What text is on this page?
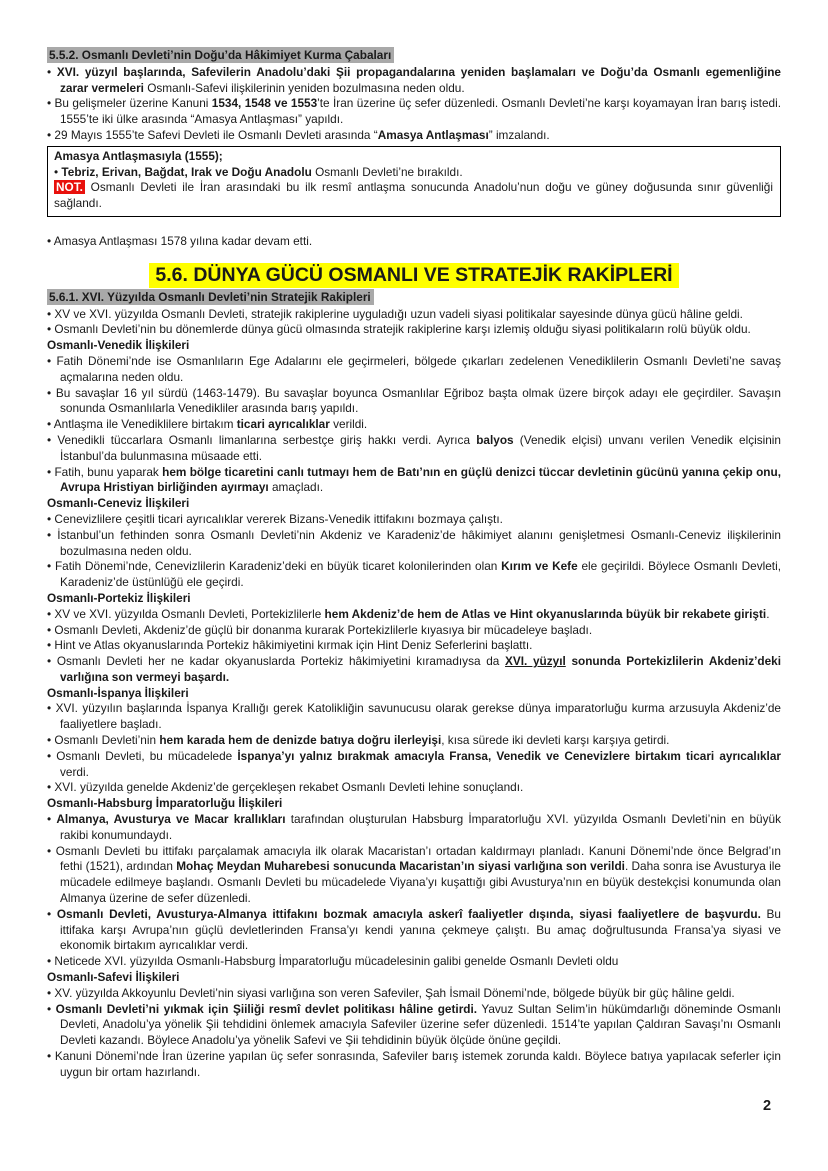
5.5.2. Osmanlı Devleti’nin Doğu’da Hâkimiyet Kurma Çabaları
• XVI. yüzyıl başlarında, Safevilerin Anadolu’daki Şii propagandalarına yeniden başlamaları ve Doğu’da Osmanlı egemenliğine zarar vermeleri Osmanlı-Safevi ilişkilerinin yeniden bozulmasına neden oldu.
• Bu gelişmeler üzerine Kanuni 1534, 1548 ve 1553’te İran üzerine üç sefer düzenledi. Osmanlı Devleti’ne karşı koyamayan İran barış istedi. 1555’te iki ülke arasında “Amasya Antlaşması” yapıldı.
• 29 Mayıs 1555’te Safevi Devleti ile Osmanlı Devleti arasında “Amasya Antlaşması” imzalandı.
Amasya Antlaşmasıyla (1555);
• Tebriz, Erivan, Bağdat, Irak ve Doğu Anadolu Osmanlı Devleti’ne bırakıldı.
NOT. Osmanlı Devleti ile İran arasındaki bu ilk resmî antlaşma sonucunda Anadolu’nun doğu ve güney doğusunda sınır güvenliği sağlandı.
• Amasya Antlaşması 1578 yılına kadar devam etti.
5.6. DÜNYA GÜCÜ OSMANLI VE STRATEJİK RAKİPLERİ
5.6.1. XVI. Yüzyılda Osmanlı Devleti’nin Stratejik Rakipleri
• XV ve XVI. yüzyılda Osmanlı Devleti, stratejik rakiplerine uyguladığı uzun vadeli siyasi politikalar sayesinde dünya gücü hâline geldi.
• Osmanlı Devleti’nin bu dönemlerde dünya gücü olmasında stratejik rakiplerine karşı izlemiş olduğu siyasi politikaların rolü büyük oldu.
Osmanlı-Venedik İlişkileri
• Fatih Dönemi’nde ise Osmanlıların Ege Adalarını ele geçirmeleri, bölgede çıkarları zedelenen Venediklilerin Osmanlı Devleti’ne savaş açmalarına neden oldu.
• Bu savaşlar 16 yıl sürdü (1463-1479). Bu savaşlar boyunca Osmanlılar Eğriboz başta olmak üzere birçok adayı ele geçirdiler. Savaşın sonunda Osmanlılarla Venedikliler arasında barış yapıldı.
• Antlaşma ile Venediklilere birtakım ticari ayrıcalıklar verildi.
• Venedikli tüccarlara Osmanlı limanlarına serbestçe giriş hakkı verdi. Ayrıca balyos (Venedik elçisi) unvanı verilen Venedik elçisinin İstanbul’da bulunmasına müsaade etti.
• Fatih, bunu yaparak hem bölge ticaretini canlı tutmayı hem de Batı’nın en güçlü denizci tüccar devletinin gücünü yanına çekip onu, Avrupa Hristiyan birliğinden ayırmayı amaçladı.
Osmanlı-Ceneviz İlişkileri
• Cenevizlilere çeşitli ticari ayrıcalıklar vererek Bizans-Venedik ittifakını bozmaya çalıştı.
• İstanbul’un fethinden sonra Osmanlı Devleti’nin Akdeniz ve Karadeniz’de hâkimiyet alanını genişletmesi Osmanlı-Ceneviz ilişkilerinin bozulmasına neden oldu.
• Fatih Dönemi’nde, Cenevizlilerin Karadeniz’deki en büyük ticaret kolonilerinden olan Kırım ve Kefe ele geçirildi. Böylece Osmanlı Devleti, Karadeniz’de üstünlüğü ele geçirdi.
Osmanlı-Portekiz İlişkileri
• XV ve XVI. yüzyılda Osmanlı Devleti, Portekizlilerle hem Akdeniz’de hem de Atlas ve Hint okyanuslarında büyük bir rekabete girişti.
• Osmanlı Devleti, Akdeniz’de güçlü bir donanma kurarak Portekizlilerle kıyasıya bir mücadeleye başladı.
• Hint ve Atlas okyanuslarında Portekiz hâkimiyetini kırmak için Hint Deniz Seferlerini başlattı.
• Osmanlı Devleti her ne kadar okyanuslarda Portekiz hâkimiyetini kıramadıysa da XVI. yüzyıl sonunda Portekizlilerin Akdeniz’deki varlığına son vermeyi başardı.
Osmanlı-İspanya İlişkileri
• XVI. yüzyılın başlarında İspanya Krallığı gerek Katolikliğin savunucusu olarak gerekse dünya imparatorluğu kurma arzusuyla Akdeniz’de faaliyetlere başladı.
• Osmanlı Devleti’nin hem karada hem de denizde batıya doğru ilerleyişi, kısa sürede iki devleti karşı karşıya getirdi.
• Osmanlı Devleti, bu mücadelede İspanya’yı yalnız bırakmak amacıyla Fransa, Venedik ve Cenevizlere birtakım ticari ayrıcalıklar verdi.
• XVI. yüzyılda genelde Akdeniz’de gerçekleşen rekabet Osmanlı Devleti lehine sonuçlandı.
Osmanlı-Habsburg İmparatorluğu İlişkileri
• Almanya, Avusturya ve Macar krallıkları tarafından oluşturulan Habsburg İmparatorluğu XVI. yüzyılda Osmanlı Devleti’nin en büyük rakibi konumundaydı.
• Osmanlı Devleti bu ittifakı parçalamak amacıyla ilk olarak Macaristan’ı ortadan kaldırmayı planladı. Kanuni Dönemi’nde önce Belgrad’ın fethi (1521), ardından Mohaç Meydan Muharebesi sonucunda Macaristan’ın siyasi varlığına son verildi. Daha sonra ise Avusturya ile mücadele edilmeye başlandı. Osmanlı Devleti bu mücadelede Viyana’yı kuşattığı gibi Avusturya’nın en büyük destekçisi konumunda olan Almanya üzerine de sefer düzenledi.
• Osmanlı Devleti, Avusturya-Almanya ittifakını bozmak amacıyla askerî faaliyetler dışında, siyasi faaliyetlere de başvurdu. Bu ittifaka karşı Avrupa’nın güçlü devletlerinden Fransa’yı kendi yanına çekmeye çalıştı. Bu amaç doğrultusunda Fransa’ya siyasi ve ekonomik birtakım ayrıcalıklar verdi.
• Neticede XVI. yüzyılda Osmanlı-Habsburg İmparatorluğu mücadelesinin galibi genelde Osmanlı Devleti oldu
Osmanlı-Safevi İlişkileri
• XV. yüzyılda Akkoyunlu Devleti’nin siyasi varlığına son veren Safeviler, Şah İsmail Dönemi’nde, bölgede büyük bir güç hâline geldi.
• Osmanlı Devleti’ni yıkmak için Şiiliği resmî devlet politikası hâline getirdi. Yavuz Sultan Selim’in hükümdarlığı döneminde Osmanlı Devleti, Anadolu’ya yönelik Şii tehdidini önlemek amacıyla Safeviler üzerine sefer düzenledi. 1514’te yapılan Çaldıran Savaşı’nı Osmanlı Devleti kazandı. Böylece Anadolu’ya yönelik Safevi ve Şii tehdidinin büyük ölçüde önüne geçildi.
• Kanuni Dönemi’nde İran üzerine yapılan üç sefer sonrasında, Safeviler barış istemek zorunda kaldı. Böylece batıya yapılacak seferler için uygun bir ortam hazırlandı.
2
